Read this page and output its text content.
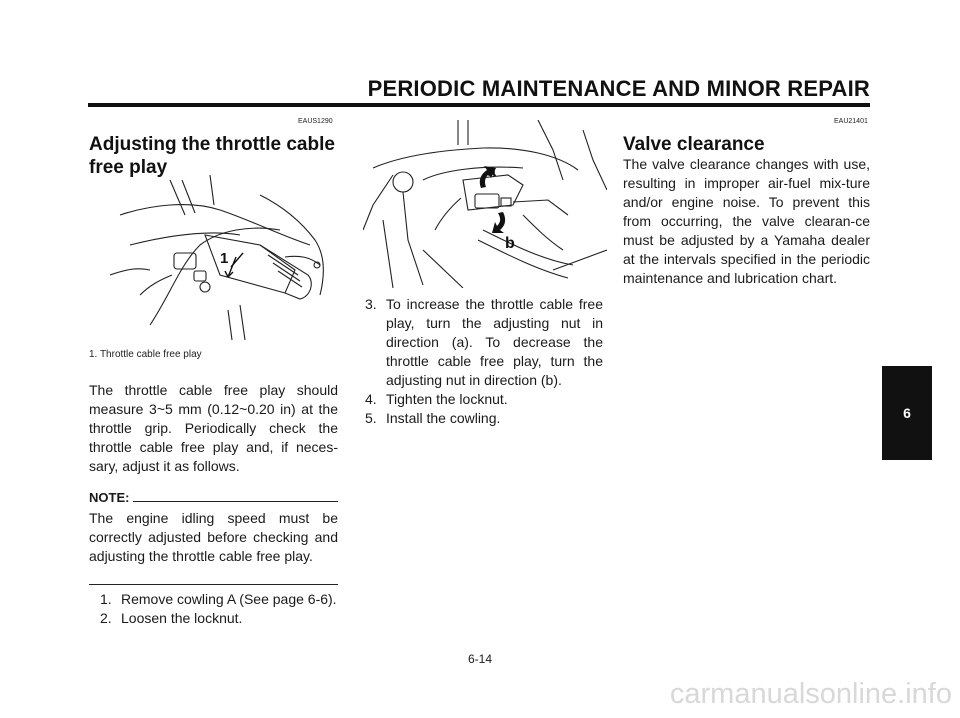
PERIODIC MAINTENANCE AND MINOR REPAIR
EAUS1290
Adjusting the throttle cable
free play
1
1. Throttle cable free play
The throttle cable free play should measure 3~5 mm (0.12~0.20 in) at the throttle grip. Periodically check the throttle cable free play and, if neces-sary, adjust it as follows.
NOTE:
The engine idling speed must be correctly adjusted before checking and adjusting the throttle cable free play.
1. Remove cowling A (See page 6-6).
2. Loosen the locknut.
a
b
3. To increase the throttle cable free play, turn the adjusting nut in direction (a). To decrease the throttle cable free play, turn the adjusting nut in direction (b).
4. Tighten the locknut.
5. Install the cowling.
EAU21401
Valve clearance
The valve clearance changes with use, resulting in improper air-fuel mix-ture and/or engine noise. To prevent this from occurring, the valve clearan-ce must be adjusted by a Yamaha dealer at the intervals specified in the periodic maintenance and lubrication chart.
6
6-14
carmanualsonline.info
